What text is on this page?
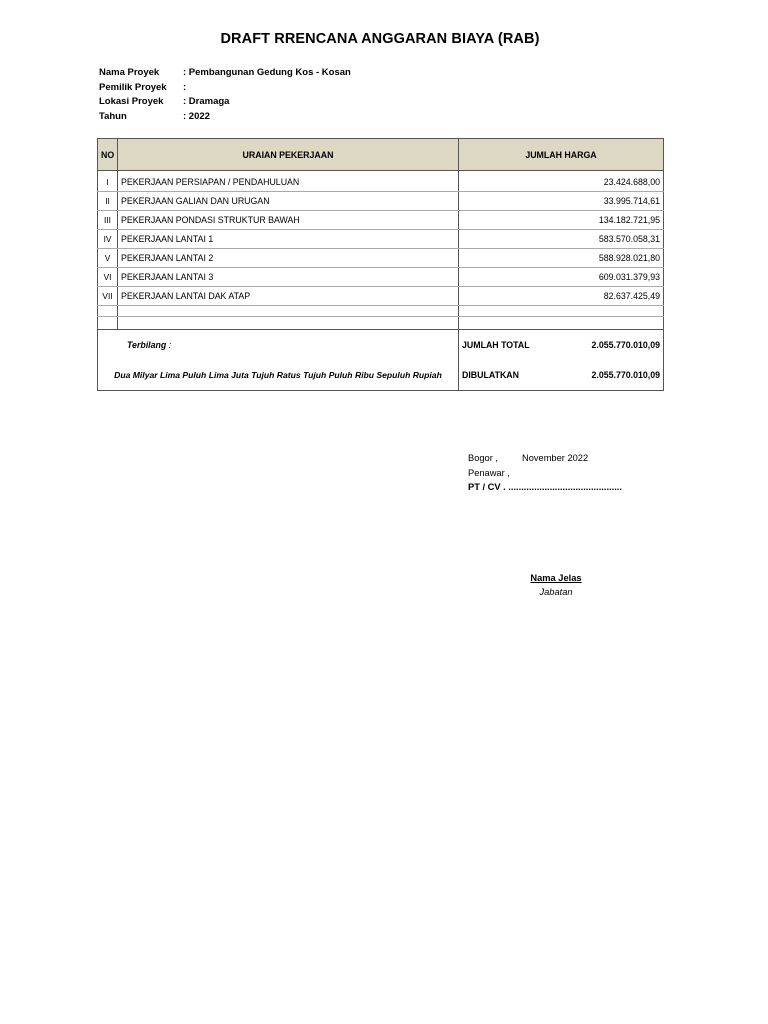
DRAFT RRENCANA ANGGARAN BIAYA (RAB)
Nama Proyek	: Pembangunan Gedung Kos - Kosan
Pemilik Proyek :
Lokasi Proyek : Dramaga
Tahun	: 2022
NO	URAIAN PEKERJAAN	JUMLAH HARGA

I	PEKERJAAN PERSIAPAN / PENDAHULUAN	23.424.688,00
II	PEKERJAAN GALIAN DAN URUGAN	33.995.714,61
III	PEKERJAAN PONDASI STRUKTUR BAWAH	134.182.721,95
IV	PEKERJAAN LANTAI 1	583.570.058,31
V	PEKERJAAN LANTAI 2	588.928.021,80
VI	PEKERJAAN LANTAI 3	609.031.379,93
VII	PEKERJAAN LANTAI DAK ATAP	82.637.425,49

Terbilang :		JUMLAH TOTAL 2.055.770.010,09

Dua Milyar Lima Puluh Lima Juta Tujuh Ratus Tujuh Puluh Ribu Sepuluh Rupiah		DIBULATKAN 2.055.770.010,09
Bogor ,	November 2022
Penawar ,
PT / CV . ............................................
Nama Jelas
Jabatan
